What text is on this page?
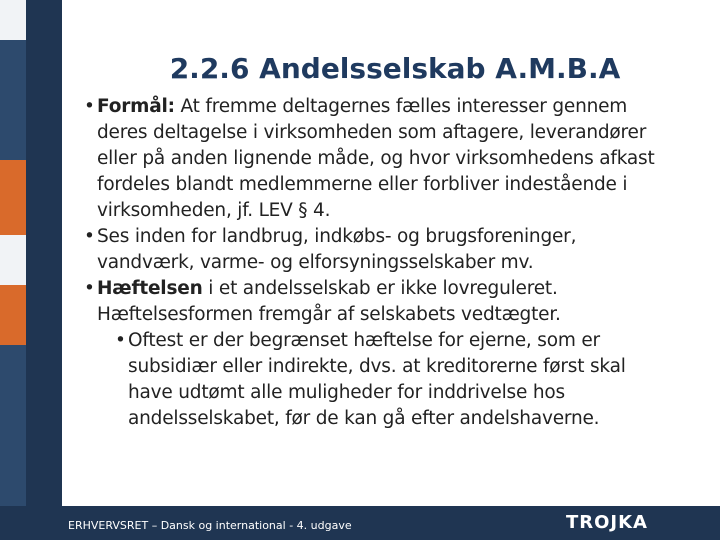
2.2.6 Andelsselskab A.M.B.A
• Formål: At fremme deltagernes fælles interesser gennem
deres deltagelse i virksomheden som aftagere, leverandører
eller på anden lignende måde, og hvor virksomhedens afkast
fordeles blandt medlemmerne eller forbliver indestående i
virksomheden, jf. LEV § 4.
• Ses inden for landbrug, indkøbs- og brugsforeninger,
vandværk, varme- og elforsyningsselskaber mv.
• Hæftelsen i et andelsselskab er ikke lovreguleret.
Hæftelsesformen fremgår af selskabets vedtægter.
• Oftest er der begrænset hæftelse for ejerne, som er
subsidiær eller indirekte, dvs. at kreditorerne først skal
have udtømt alle muligheder for inddrivelse hos
andelsselskabet, før de kan gå efter andelshaverne.
ERHVERVSRET – Dansk og international - 4. udgave	TROJKA
